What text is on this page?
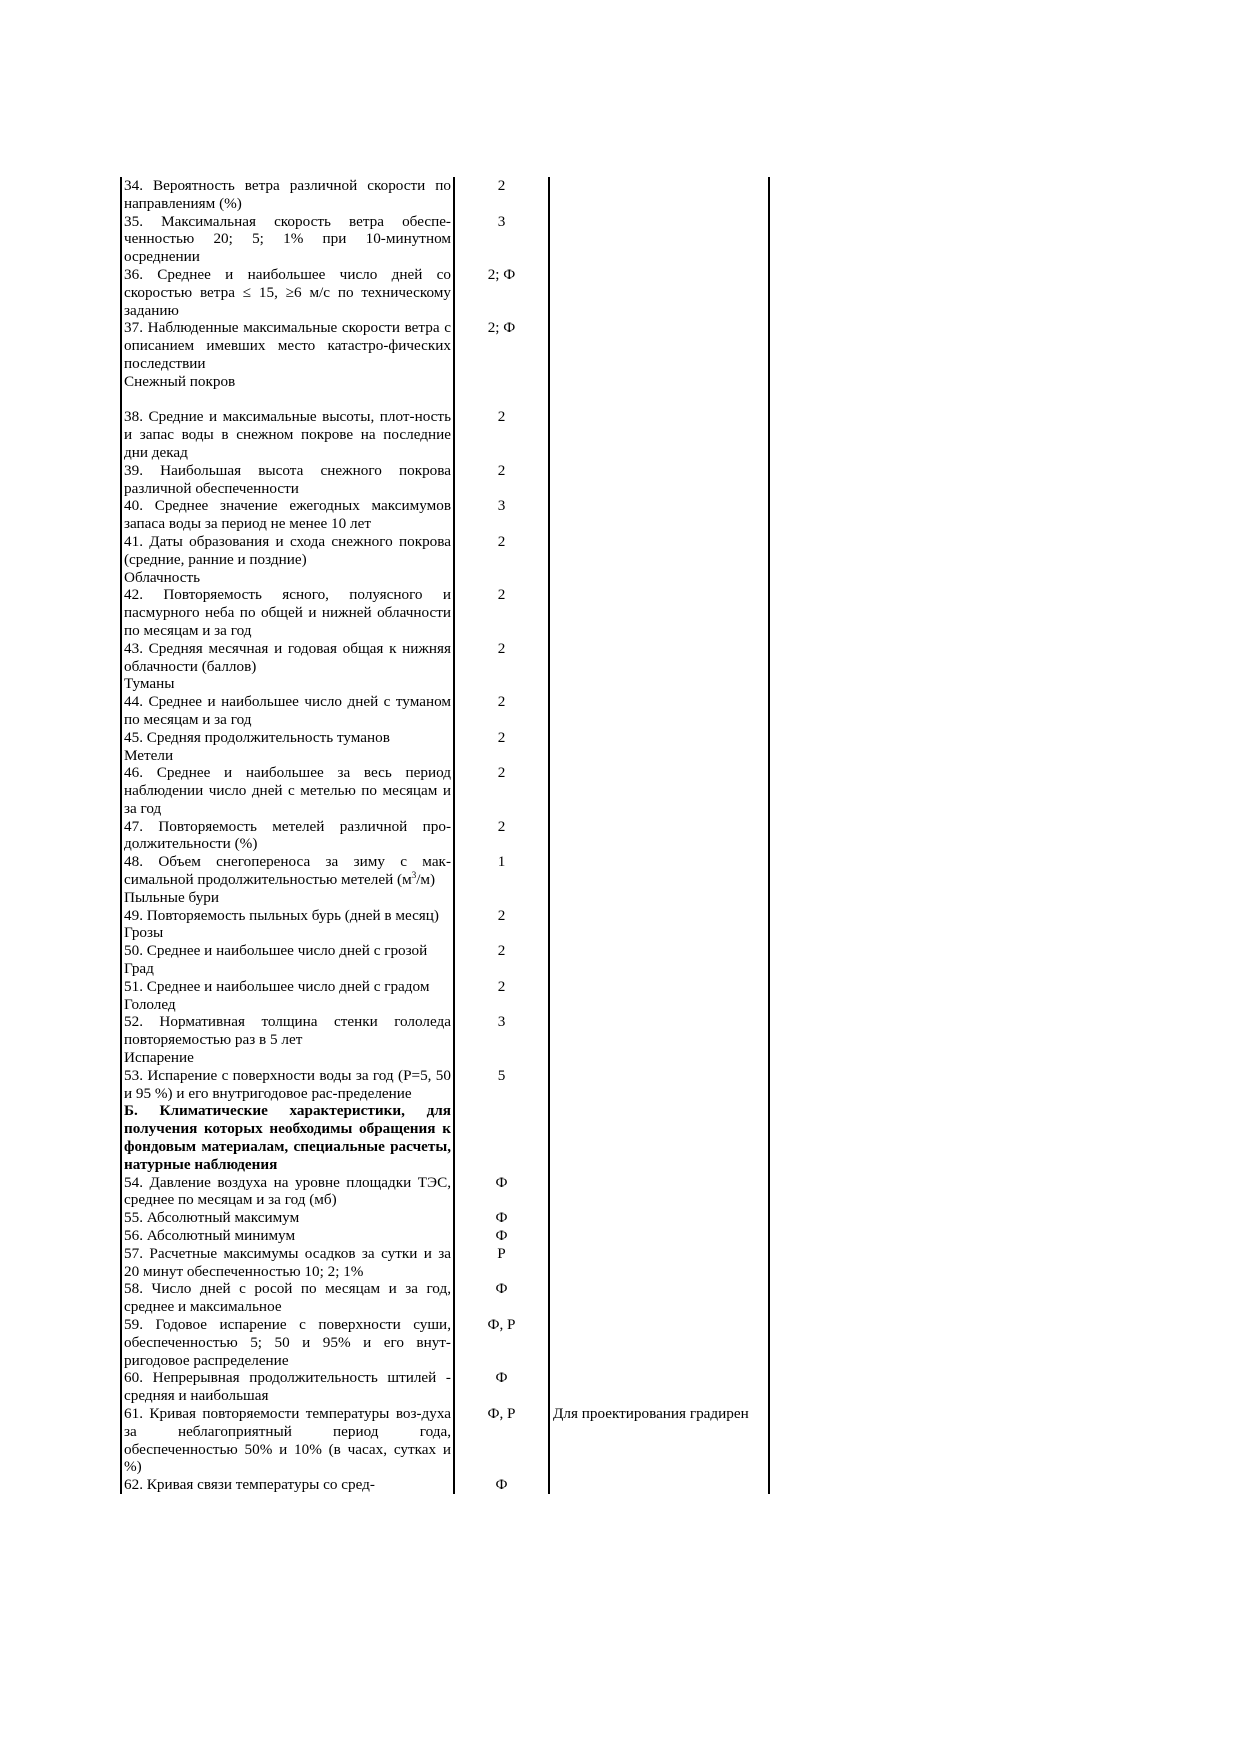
34. Вероятность ветра различной скорости по направлениям (%)	2	
35. Максимальная скорость ветра обеспе-ченностью 20; 5; 1% при 10-минутном осреднении	3	
36. Среднее и наибольшее число дней со скоростью ветра ≤ 15, ≥6 м/с по техническому заданию	2; Ф	
37. Наблюденные максимальные скорости ветра с описанием имевших место катастро-фических последствии	2; Ф	
Снежный покров		

38. Средние и максимальные высоты, плот-ность и запас воды в снежном покрове на последние дни декад	2	
39. Наибольшая высота снежного покрова различной обеспеченности	2	
40. Среднее значение ежегодных максимумов запаса воды за период не менее 10 лет	3	
41. Даты образования и схода снежного покрова (средние, ранние и поздние)	2	
Облачность		
42. Повторяемость ясного, полуясного и пасмурного неба по общей и нижней облачности по месяцам и за год	2	
43. Средняя месячная и годовая общая к нижняя облачности (баллов)	2	
Туманы		
44. Среднее и наибольшее число дней с туманом по месяцам и за год	2	
45. Средняя продолжительность туманов	2	
Метели		
46. Среднее и наибольшее за весь период наблюдении число дней с метелью по месяцам и за год	2	
47. Повторяемость метелей различной про-должительности (%)	2	
48. Объем снегопереноса за зиму с мак-симальной продолжительностью метелей $(м^3/м)$	1	
Пыльные бури		
49. Повторяемость пыльных бурь (дней в месяц)	2	
Грозы		
50. Среднее и наибольшее число дней с грозой	2	
Град		
51. Среднее и наибольшее число дней с градом	2	
Гололед		
52. Нормативная толщина стенки гололеда повторяемостью раз в 5 лет	3	
Испарение		
53. Испарение с поверхности воды за год (P=5, 50 и 95 %) и его внутригодовое рас-пределение	5	
Б. Климатические характеристики, для получения которых необходимы обращения к фондовым материалам, специальные расчеты, натурные наблюдения		
54. Давление воздуха на уровне площадки ТЭС, среднее по месяцам и за год (мб)	Ф	
55. Абсолютный максимум	Ф	
56. Абсолютный минимум	Ф	
57. Расчетные максимумы осадков за сутки и за 20 минут обеспеченностью 10; 2; 1%	Р	
58. Число дней с росой по месяцам и за год, среднее и максимальное	Ф	
59. Годовое испарение с поверхности суши, обеспеченностью 5; 50 и 95% и его внут-ригодовое распределение	Ф, Р	
60. Непрерывная продолжительность штилей - средняя и наибольшая	Ф	
61. Кривая повторяемости температуры воз-духа за неблагоприятный период года, обеспеченностью 50% и 10% (в часах, сутках и %)	Ф, Р	Для проектирования градирен
62. Кривая связи температуры со сред-	Ф	
